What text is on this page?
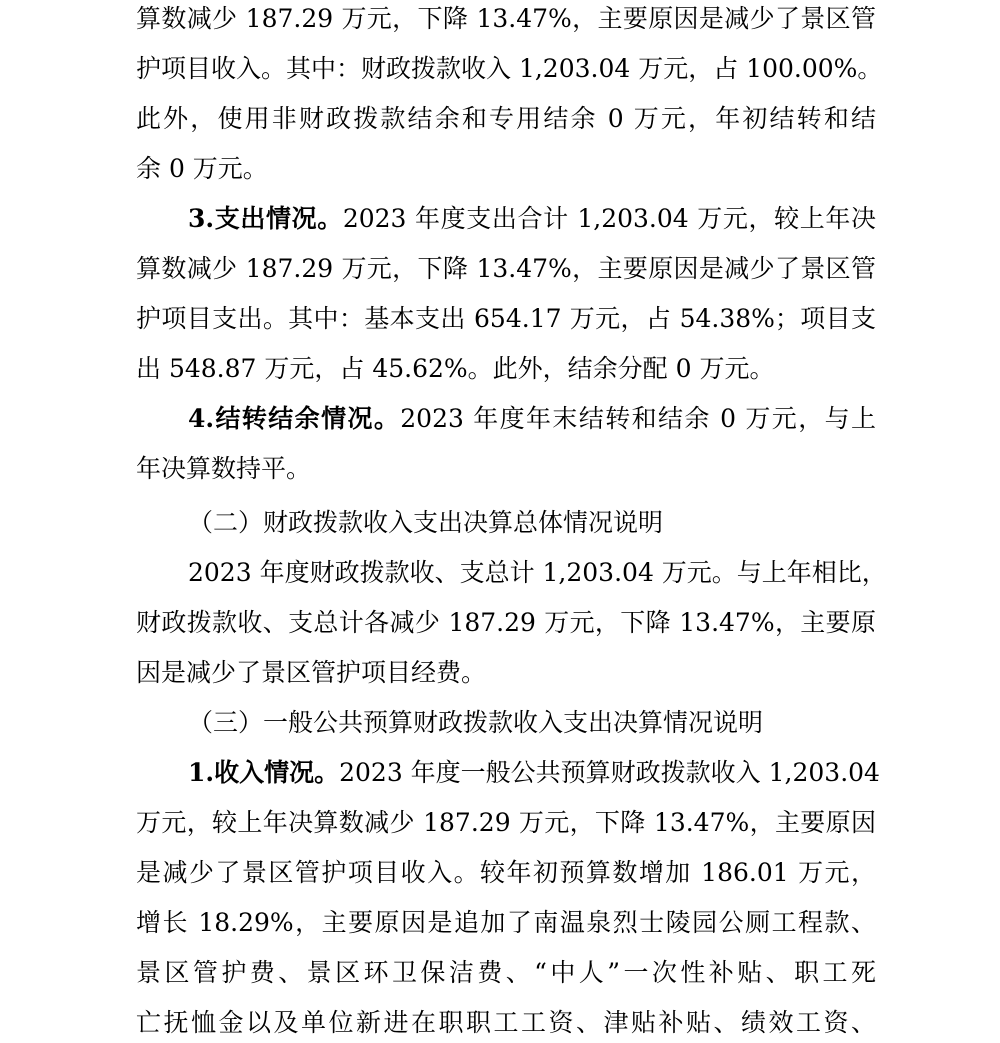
算数减少 187.29 万元，下降 13.47%，主要原因是减少了景区管
护项目收入。其中：财政拨款收入 1,203.04 万元，占 100.00%。
此外，使用非财政拨款结余和专用结余 0 万元，年初结转和结
余 0 万元。
3.支出情况。2023 年度支出合计 1,203.04 万元，较上年决
算数减少 187.29 万元，下降 13.47%，主要原因是减少了景区管
护项目支出。其中：基本支出 654.17 万元，占 54.38%；项目支
出 548.87 万元，占 45.62%。此外，结余分配 0 万元。
4.结转结余情况。2023 年度年末结转和结余 0 万元，与上
年决算数持平。
（二）财政拨款收入支出决算总体情况说明
2023 年度财政拨款收、支总计 1,203.04 万元。与上年相比，
财政拨款收、支总计各减少 187.29 万元，下降 13.47%，主要原
因是减少了景区管护项目经费。
（三）一般公共预算财政拨款收入支出决算情况说明
1.收入情况。2023 年度一般公共预算财政拨款收入 1,203.04
万元，较上年决算数减少 187.29 万元，下降 13.47%，主要原因
是减少了景区管护项目收入。较年初预算数增加 186.01 万元，
增长 18.29%，主要原因是追加了南温泉烈士陵园公厕工程款、
景区管护费、景区环卫保洁费、“中人”一次性补贴、职工死
亡抚恤金以及单位新进在职职工工资、津贴补贴、绩效工资、
